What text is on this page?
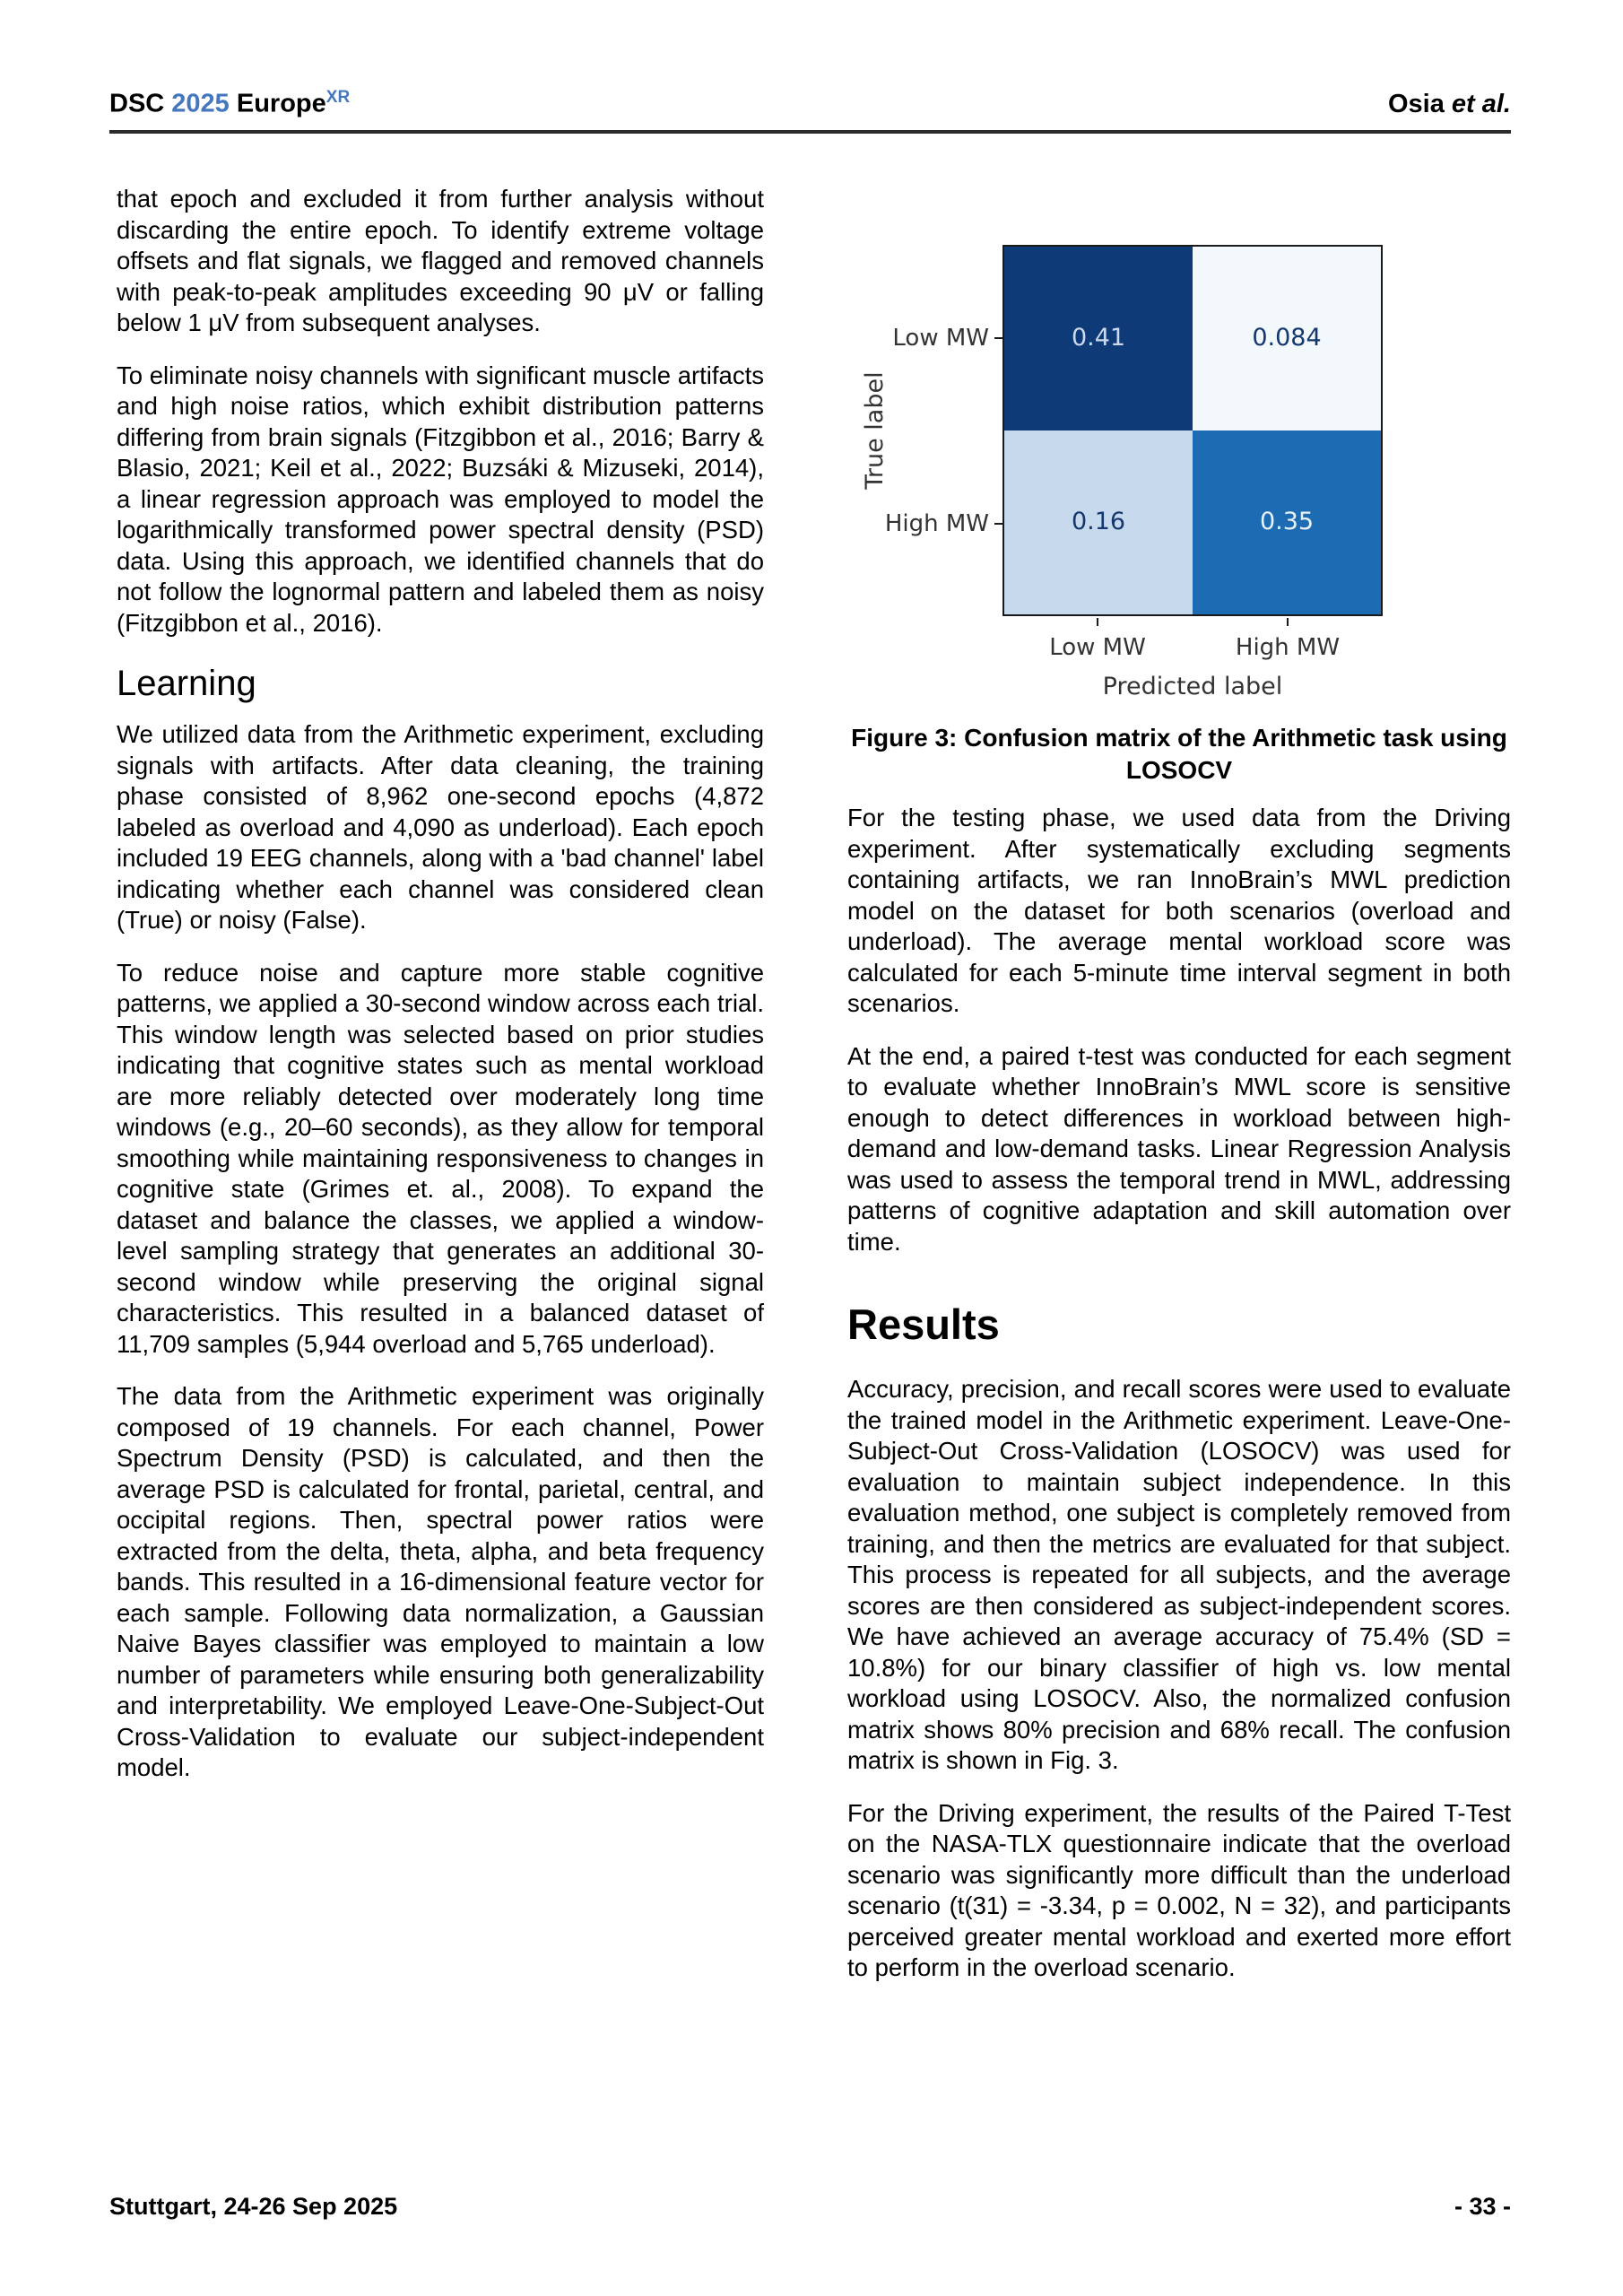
DSC 2025 Europe$^{XR}$	Osia et al.

that epoch and excluded it from further analysis without discarding the entire epoch. To identify extreme voltage offsets and flat signals, we flagged and removed channels with peak-to-peak amplitudes exceeding 90 μV or falling below 1 μV from subsequent analyses.

To eliminate noisy channels with significant muscle artifacts and high noise ratios, which exhibit distribution patterns differing from brain signals (Fitzgibbon et al., 2016; Barry & Blasio, 2021; Keil et al., 2022; Buzsáki & Mizuseki, 2014), a linear regression approach was employed to model the logarithmically transformed power spectral density (PSD) data. Using this approach, we identified channels that do not follow the lognormal pattern and labeled them as noisy (Fitzgibbon et al., 2016).

Learning

We utilized data from the Arithmetic experiment, excluding signals with artifacts. After data cleaning, the training phase consisted of 8,962 one-second epochs (4,872 labeled as overload and 4,090 as underload). Each epoch included 19 EEG channels, along with a 'bad channel' label indicating whether each channel was considered clean (True) or noisy (False).

To reduce noise and capture more stable cognitive patterns, we applied a 30-second window across each trial. This window length was selected based on prior studies indicating that cognitive states such as mental workload are more reliably detected over moderately long time windows (e.g., 20–60 seconds), as they allow for temporal smoothing while maintaining responsiveness to changes in cognitive state (Grimes et. al., 2008). To expand the dataset and balance the classes, we applied a window-level sampling strategy that generates an additional 30-second window while preserving the original signal characteristics. This resulted in a balanced dataset of 11,709 samples (5,944 overload and 5,765 underload).

The data from the Arithmetic experiment was originally composed of 19 channels. For each channel, Power Spectrum Density (PSD) is calculated, and then the average PSD is calculated for frontal, parietal, central, and occipital regions. Then, spectral power ratios were extracted from the delta, theta, alpha, and beta frequency bands. This resulted in a 16-dimensional feature vector for each sample. Following data normalization, a Gaussian Naive Bayes classifier was employed to maintain a low number of parameters while ensuring both generalizability and interpretability. We employed Leave-One-Subject-Out Cross-Validation to evaluate our subject-independent model.

True label
Low MW
High MW
0.41	0.084
0.16	0.35
Low MW	High MW
Predicted label
Figure 3: Confusion matrix of the Arithmetic task using
LOSOCV

For the testing phase, we used data from the Driving experiment. After systematically excluding segments containing artifacts, we ran InnoBrain’s MWL prediction model on the dataset for both scenarios (overload and underload). The average mental workload score was calculated for each 5-minute time interval segment in both scenarios.

At the end, a paired t-test was conducted for each segment to evaluate whether InnoBrain’s MWL score is sensitive enough to detect differences in workload between high-demand and low-demand tasks. Linear Regression Analysis was used to assess the temporal trend in MWL, addressing patterns of cognitive adaptation and skill automation over time.

Results

Accuracy, precision, and recall scores were used to evaluate the trained model in the Arithmetic experiment. Leave-One-Subject-Out Cross-Validation (LOSOCV) was used for evaluation to maintain subject independence. In this evaluation method, one subject is completely removed from training, and then the metrics are evaluated for that subject. This process is repeated for all subjects, and the average scores are then considered as subject-independent scores. We have achieved an average accuracy of 75.4% (SD = 10.8%) for our binary classifier of high vs. low mental workload using LOSOCV. Also, the normalized confusion matrix shows 80% precision and 68% recall. The confusion matrix is shown in Fig. 3.

For the Driving experiment, the results of the Paired T-Test on the NASA-TLX questionnaire indicate that the overload scenario was significantly more difficult than the underload scenario (t(31) = -3.34, p = 0.002, N = 32), and participants perceived greater mental workload and exerted more effort to perform in the overload scenario.

Stuttgart, 24-26 Sep 2025	- 33 -
